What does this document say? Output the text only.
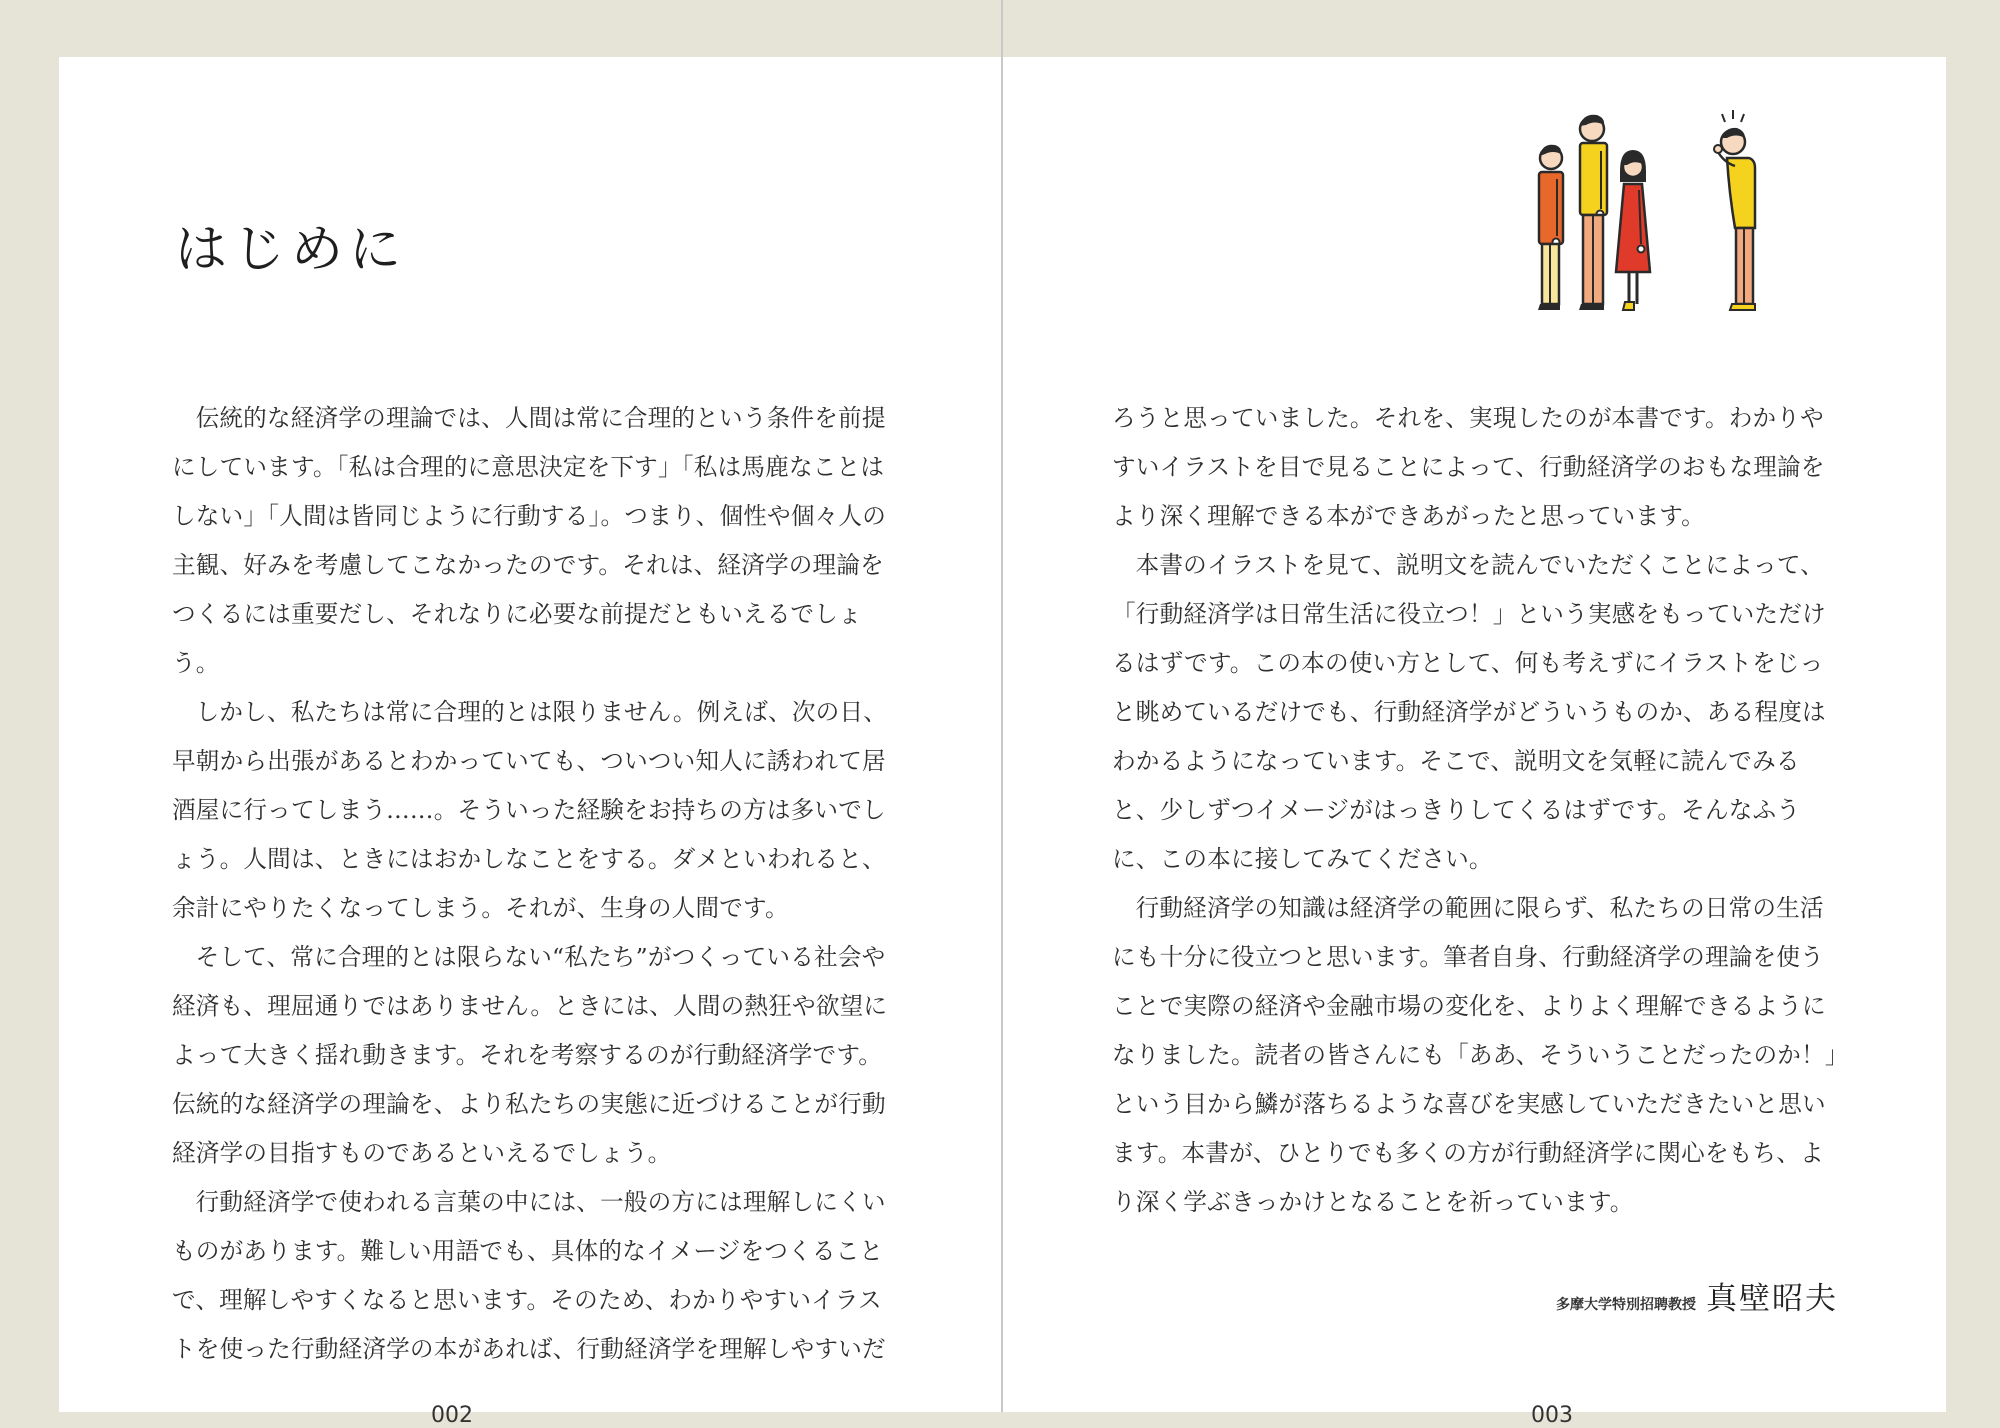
はじめに

伝統的な経済学の理論では、人間は常に合理的という条件を前提にしています。「私は合理的に意思決定を下す」「私は馬鹿なことはしない」「人間は皆同じように行動する」。つまり、個性や個々人の主観、好みを考慮してこなかったのです。それは、経済学の理論をつくるには重要だし、それなりに必要な前提だともいえるでしょう。

しかし、私たちは常に合理的とは限りません。例えば、次の日、早朝から出張があるとわかっていても、ついつい知人に誘われて居酒屋に行ってしまう……。そういった経験をお持ちの方は多いでしょう。人間は、ときにはおかしなことをする。ダメといわれると、余計にやりたくなってしまう。それが、生身の人間です。

そして、常に合理的とは限らない“私たち”がつくっている社会や経済も、理屈通りではありません。ときには、人間の熱狂や欲望によって大きく揺れ動きます。それを考察するのが行動経済学です。伝統的な経済学の理論を、より私たちの実態に近づけることが行動経済学の目指すものであるといえるでしょう。

行動経済学で使われる言葉の中には、一般の方には理解しにくいものがあります。難しい用語でも、具体的なイメージをつくることで、理解しやすくなると思います。そのため、わかりやすいイラストを使った行動経済学の本があれば、行動経済学を理解しやすいだ

002

ろうと思っていました。それを、実現したのが本書です。わかりやすいイラストを目で見ることによって、行動経済学のおもな理論をより深く理解できる本ができあがったと思っています。

本書のイラストを見て、説明文を読んでいただくことによって、「行動経済学は日常生活に役立つ！」という実感をもっていただけるはずです。この本の使い方として、何も考えずにイラストをじっと眺めているだけでも、行動経済学がどういうものか、ある程度はわかるようになっています。そこで、説明文を気軽に読んでみると、少しずつイメージがはっきりしてくるはずです。そんなふうに、この本に接してみてください。

行動経済学の知識は経済学の範囲に限らず、私たちの日常の生活にも十分に役立つと思います。筆者自身、行動経済学の理論を使うことで実際の経済や金融市場の変化を、よりよく理解できるようになりました。読者の皆さんにも「ああ、そういうことだったのか！」という目から鱗が落ちるような喜びを実感していただきたいと思います。本書が、ひとりでも多くの方が行動経済学に関心をもち、より深く学ぶきっかけとなることを祈っています。

多摩大学特別招聘教授 真壁昭夫
003
